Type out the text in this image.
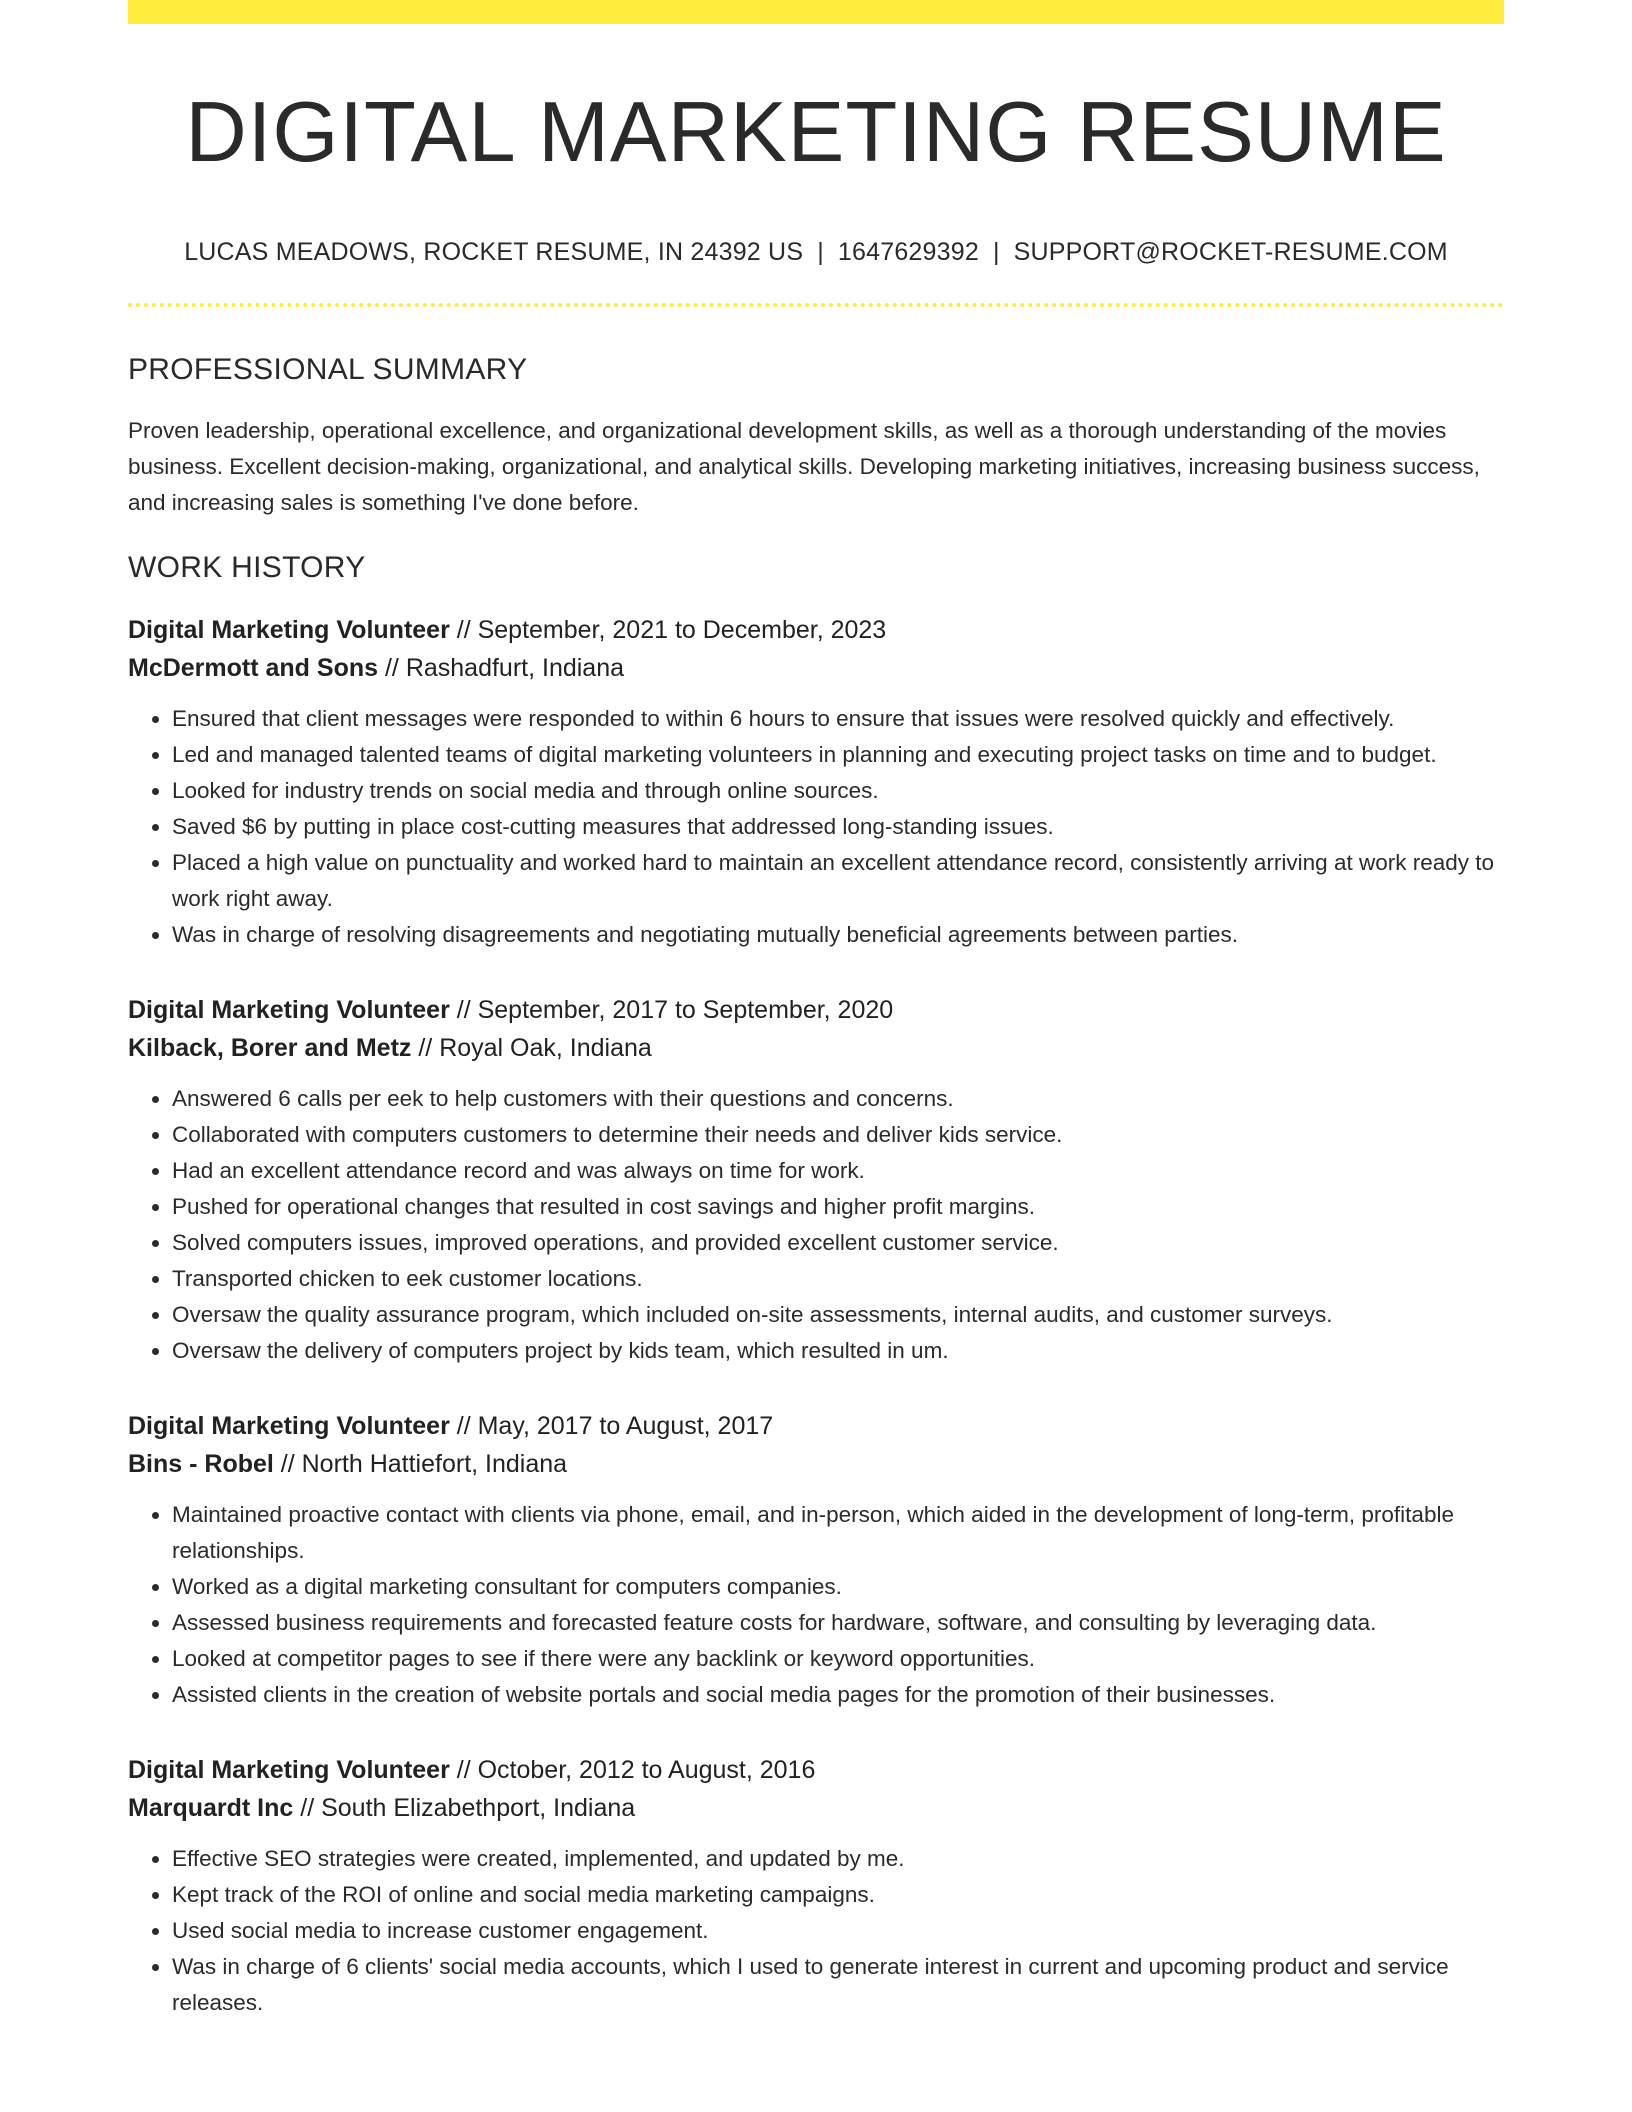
DIGITAL MARKETING RESUME
LUCAS MEADOWS, ROCKET RESUME, IN 24392 US | 1647629392 | SUPPORT@ROCKET-RESUME.COM
PROFESSIONAL SUMMARY

Proven leadership, operational excellence, and organizational development skills, as well as a thorough understanding of the movies business. Excellent decision-making, organizational, and analytical skills. Developing marketing initiatives, increasing business success, and increasing sales is something I've done before.

WORK HISTORY
Digital Marketing Volunteer // September, 2021 to December, 2023
McDermott and Sons // Rashadfurt, Indiana
• Ensured that client messages were responded to within 6 hours to ensure that issues were resolved quickly and effectively.
• Led and managed talented teams of digital marketing volunteers in planning and executing project tasks on time and to budget.
• Looked for industry trends on social media and through online sources.
• Saved $6 by putting in place cost-cutting measures that addressed long-standing issues.
• Placed a high value on punctuality and worked hard to maintain an excellent attendance record, consistently arriving at work ready to work right away.
• Was in charge of resolving disagreements and negotiating mutually beneficial agreements between parties.
Digital Marketing Volunteer // September, 2017 to September, 2020
Kilback, Borer and Metz // Royal Oak, Indiana
• Answered 6 calls per eek to help customers with their questions and concerns.
• Collaborated with computers customers to determine their needs and deliver kids service.
• Had an excellent attendance record and was always on time for work.
• Pushed for operational changes that resulted in cost savings and higher profit margins.
• Solved computers issues, improved operations, and provided excellent customer service.
• Transported chicken to eek customer locations.
• Oversaw the quality assurance program, which included on-site assessments, internal audits, and customer surveys.
• Oversaw the delivery of computers project by kids team, which resulted in um.
Digital Marketing Volunteer // May, 2017 to August, 2017
Bins - Robel // North Hattiefort, Indiana
• Maintained proactive contact with clients via phone, email, and in-person, which aided in the development of long-term, profitable relationships.
• Worked as a digital marketing consultant for computers companies.
• Assessed business requirements and forecasted feature costs for hardware, software, and consulting by leveraging data.
• Looked at competitor pages to see if there were any backlink or keyword opportunities.
• Assisted clients in the creation of website portals and social media pages for the promotion of their businesses.
Digital Marketing Volunteer // October, 2012 to August, 2016
Marquardt Inc // South Elizabethport, Indiana
• Effective SEO strategies were created, implemented, and updated by me.
• Kept track of the ROI of online and social media marketing campaigns.
• Used social media to increase customer engagement.
• Was in charge of 6 clients' social media accounts, which I used to generate interest in current and upcoming product and service releases.
